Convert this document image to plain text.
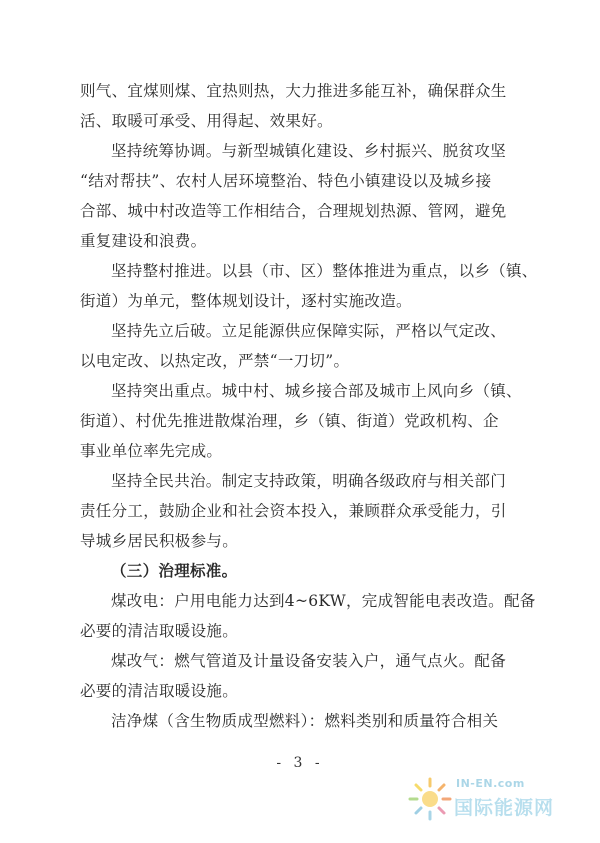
则气、宜煤则煤、宜热则热，大力推进多能互补，确保群众生
活、取暖可承受、用得起、效果好。
坚持统筹协调。与新型城镇化建设、乡村振兴、脱贫攻坚
“结对帮扶”、农村人居环境整治、特色小镇建设以及城乡接
合部、城中村改造等工作相结合，合理规划热源、管网，避免
重复建设和浪费。
坚持整村推进。以县（市、区）整体推进为重点，以乡（镇、
街道）为单元，整体规划设计，逐村实施改造。
坚持先立后破。立足能源供应保障实际，严格以气定改、
以电定改、以热定改，严禁“一刀切”。
坚持突出重点。城中村、城乡接合部及城市上风向乡（镇、
街道）、村优先推进散煤治理，乡（镇、街道）党政机构、企
事业单位率先完成。
坚持全民共治。制定支持政策，明确各级政府与相关部门
责任分工，鼓励企业和社会资本投入，兼顾群众承受能力，引
导城乡居民积极参与。
（三）治理标准。
煤改电：户用电能力达到4~6KW，完成智能电表改造。配备
必要的清洁取暖设施。
煤改气：燃气管道及计量设备安装入户，通气点火。配备
必要的清洁取暖设施。
洁净煤（含生物质成型燃料）：燃料类别和质量符合相关
- 3 -
IN-EN.com
国际能源网
